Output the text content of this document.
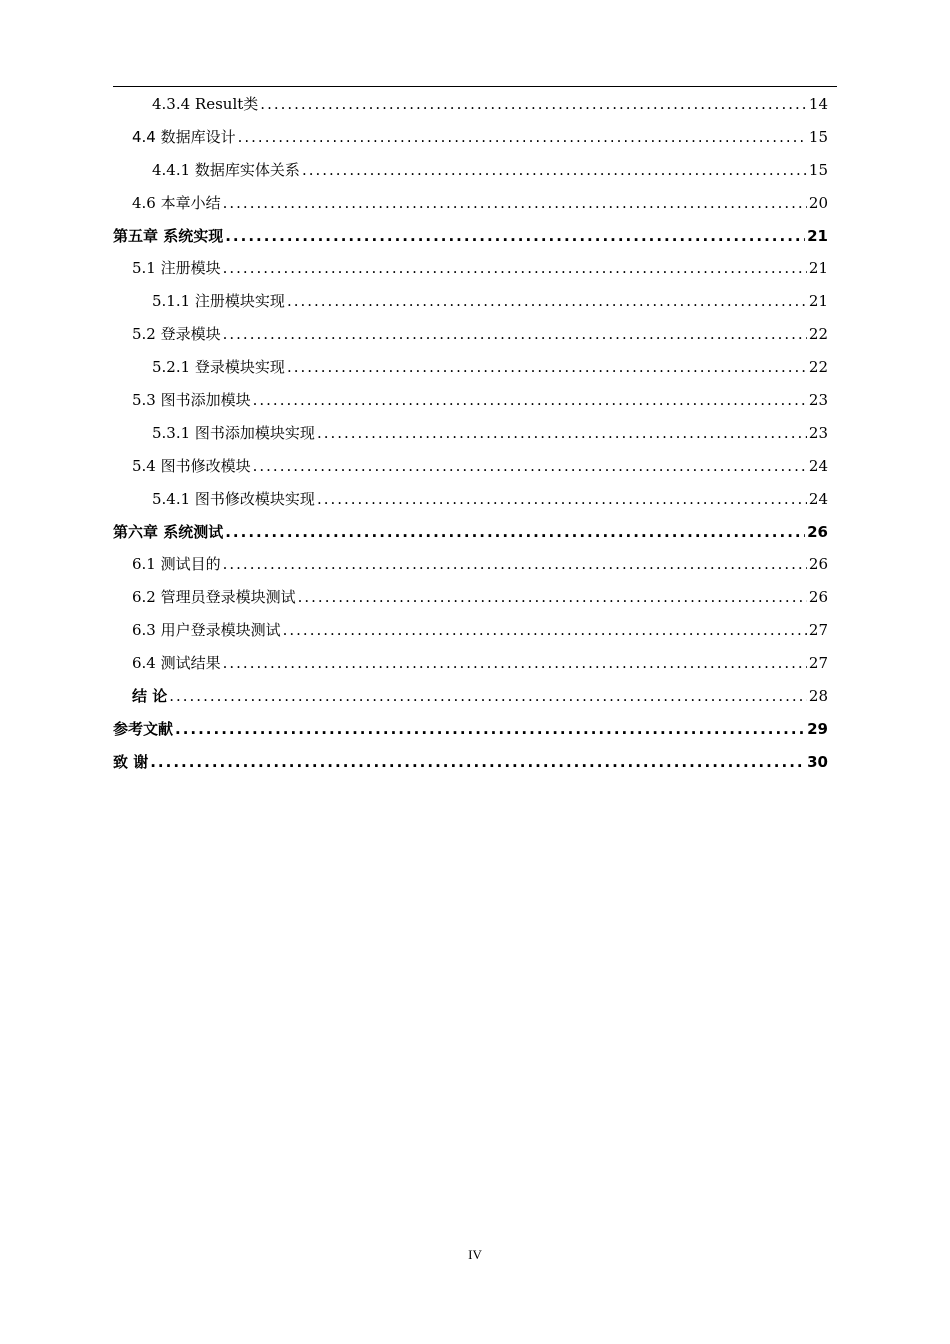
4.3.4 Result类 .....	14
4.4 数据库设计 .....	15
4.4.1 数据库实体关系 .....	15
4.6 本章小结 .....	20
第五章 系统实现 .....	21
5.1 注册模块 .....	21
5.1.1 注册模块实现 .....	21
5.2 登录模块 .....	22
5.2.1 登录模块实现 .....	22
5.3 图书添加模块 .....	23
5.3.1 图书添加模块实现 .....	23
5.4 图书修改模块 .....	24
5.4.1 图书修改模块实现 .....	24
第六章 系统测试 .....	26
6.1 测试目的 .....	26
6.2 管理员登录模块测试 .....	26
6.3 用户登录模块测试 .....	27
6.4 测试结果 .....	27
结 论 .....	28
参考文献 .....	29
致 谢 .....	30
IV
